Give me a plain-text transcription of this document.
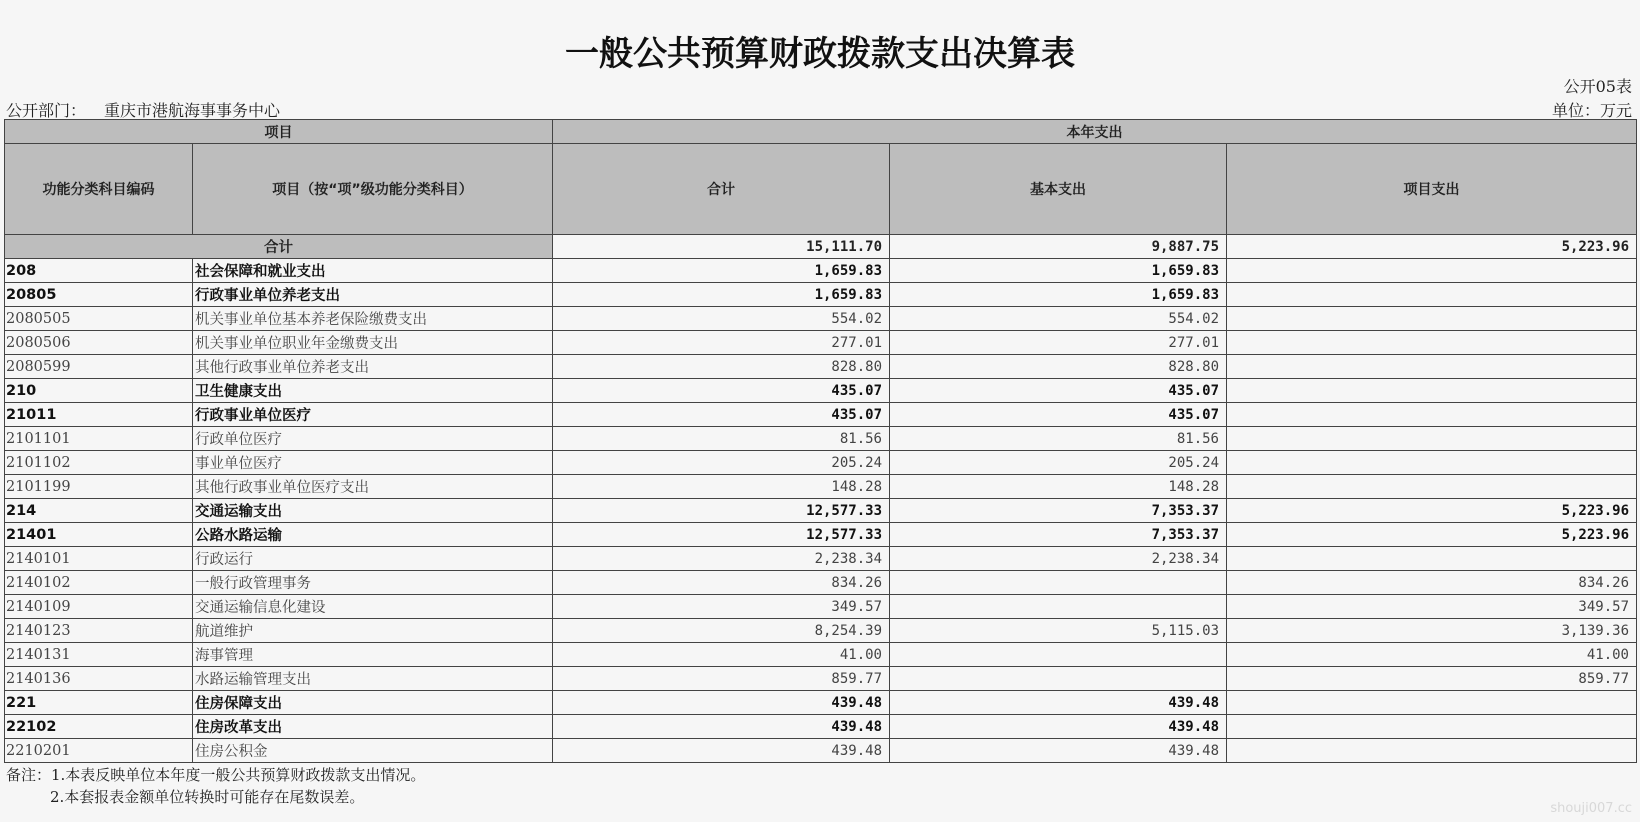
一般公共预算财政拨款支出决算表
公开05表
公开部门： 重庆市港航海事事务中心	单位：万元
项目		本年支出		
功能分类科目编码	项目（按“项”级功能分类科目）	合计	基本支出	项目支出
合计		15,111.70	9,887.75	5,223.96
208	社会保障和就业支出	1,659.83	1,659.83	
20805	行政事业单位养老支出	1,659.83	1,659.83	
2080505	机关事业单位基本养老保险缴费支出	554.02	554.02	
2080506	机关事业单位职业年金缴费支出	277.01	277.01	
2080599	其他行政事业单位养老支出	828.80	828.80	
210	卫生健康支出	435.07	435.07	
21011	行政事业单位医疗	435.07	435.07	
2101101	行政单位医疗	81.56	81.56	
2101102	事业单位医疗	205.24	205.24	
2101199	其他行政事业单位医疗支出	148.28	148.28	
214	交通运输支出	12,577.33	7,353.37	5,223.96
21401	公路水路运输	12,577.33	7,353.37	5,223.96
2140101	行政运行	2,238.34	2,238.34	
2140102	一般行政管理事务	834.26		834.26
2140109	交通运输信息化建设	349.57		349.57
2140123	航道维护	8,254.39	5,115.03	3,139.36
2140131	海事管理	41.00		41.00
2140136	水路运输管理支出	859.77		859.77
221	住房保障支出	439.48	439.48	
22102	住房改革支出	439.48	439.48	
2210201	住房公积金	439.48	439.48	
备注：1.本表反映单位本年度一般公共预算财政拨款支出情况。
2.本套报表金额单位转换时可能存在尾数误差。
shouji007.cc
